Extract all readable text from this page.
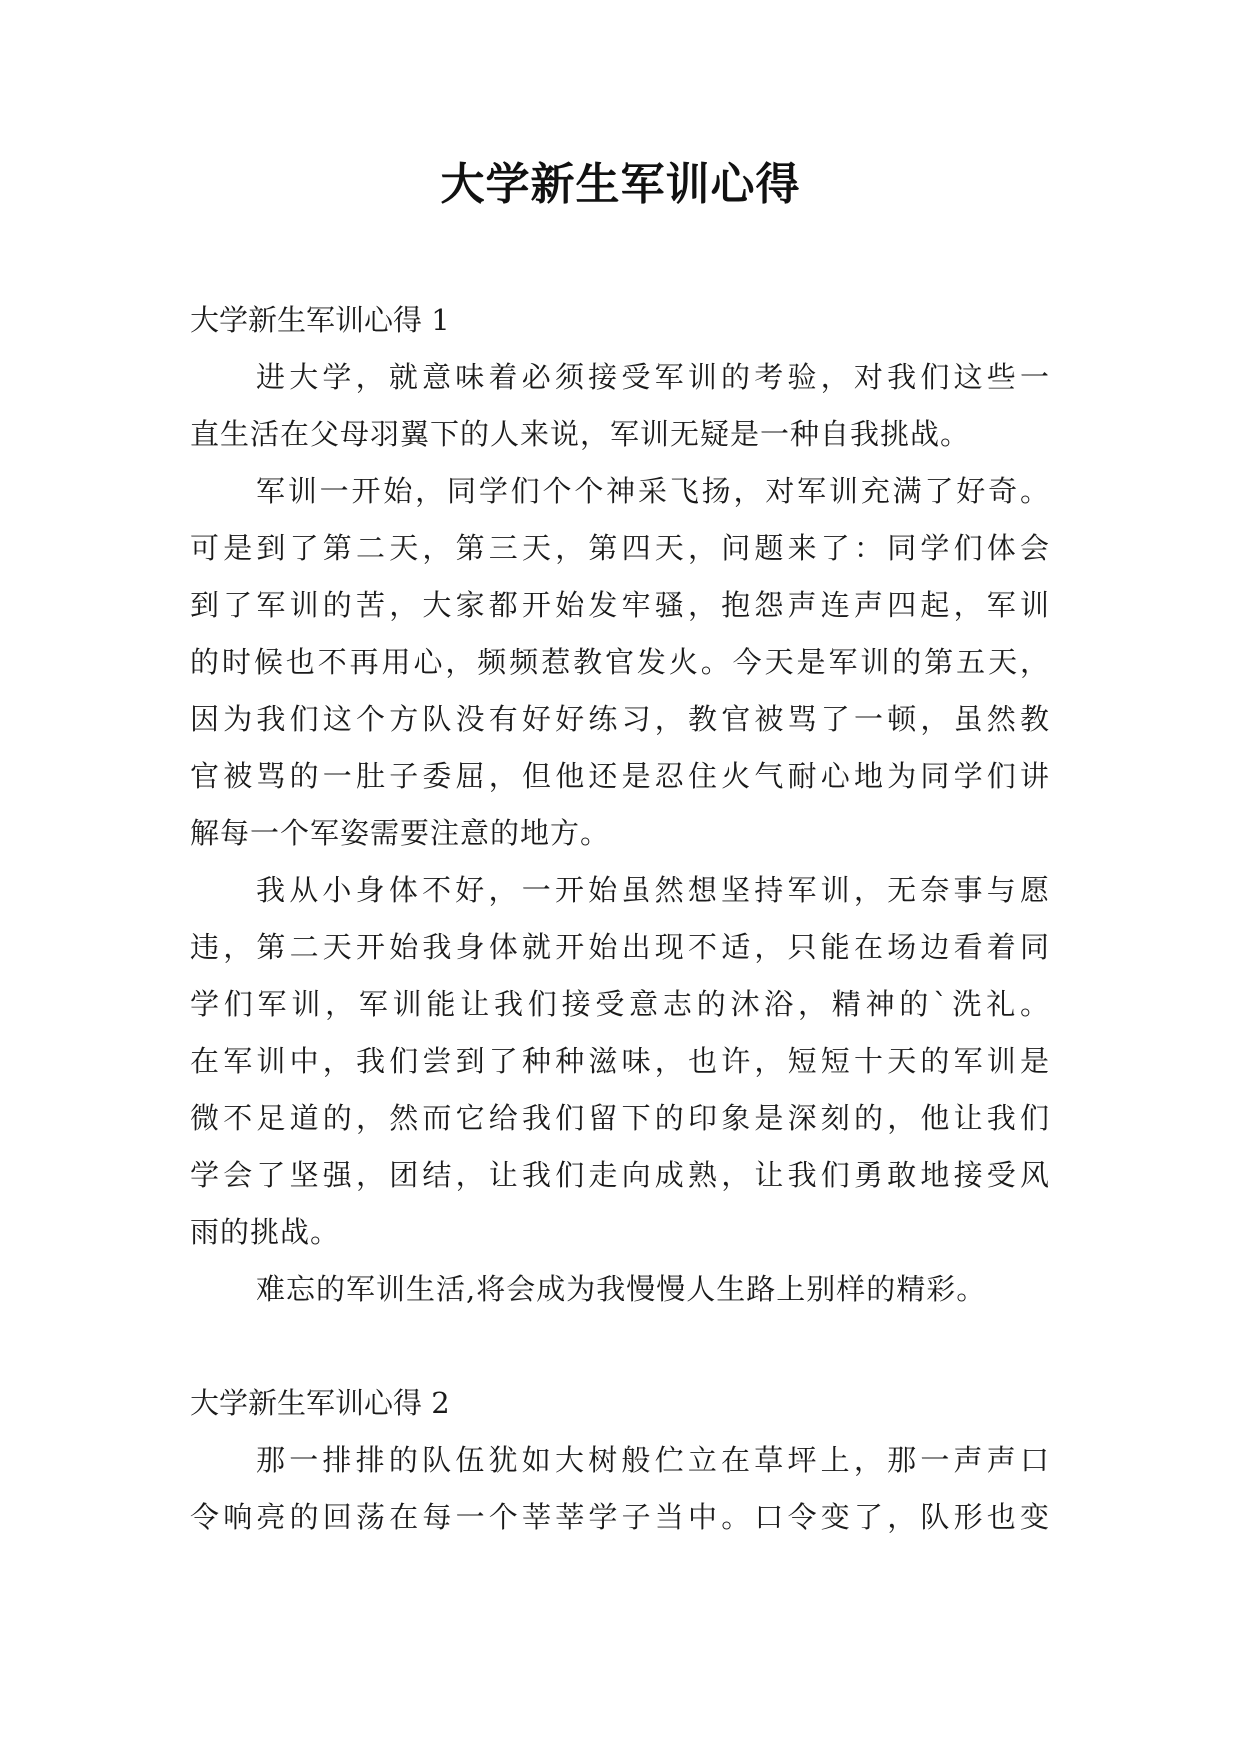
大学新生军训心得
大学新生军训心得 1

进大学，就意味着必须接受军训的考验，对我们这些一
直生活在父母羽翼下的人来说，军训无疑是一种自我挑战。

军训一开始，同学们个个神采飞扬，对军训充满了好奇。
可是到了第二天，第三天，第四天，问题来了：同学们体会
到了军训的苦，大家都开始发牢骚，抱怨声连声四起，军训
的时候也不再用心，频频惹教官发火。今天是军训的第五天，
因为我们这个方队没有好好练习，教官被骂了一顿，虽然教
官被骂的一肚子委屈，但他还是忍住火气耐心地为同学们讲
解每一个军姿需要注意的地方。

我从小身体不好，一开始虽然想坚持军训，无奈事与愿
违，第二天开始我身体就开始出现不适，只能在场边看着同
学们军训，军训能让我们接受意志的沐浴，精神的`洗礼。
在军训中，我们尝到了种种滋味，也许，短短十天的军训是
微不足道的，然而它给我们留下的印象是深刻的，他让我们
学会了坚强，团结，让我们走向成熟，让我们勇敢地接受风
雨的挑战。

难忘的军训生活,将会成为我慢慢人生路上别样的精彩。

大学新生军训心得 2

那一排排的队伍犹如大树般伫立在草坪上，那一声声口
令响亮的回荡在每一个莘莘学子当中。口令变了，队形也变
